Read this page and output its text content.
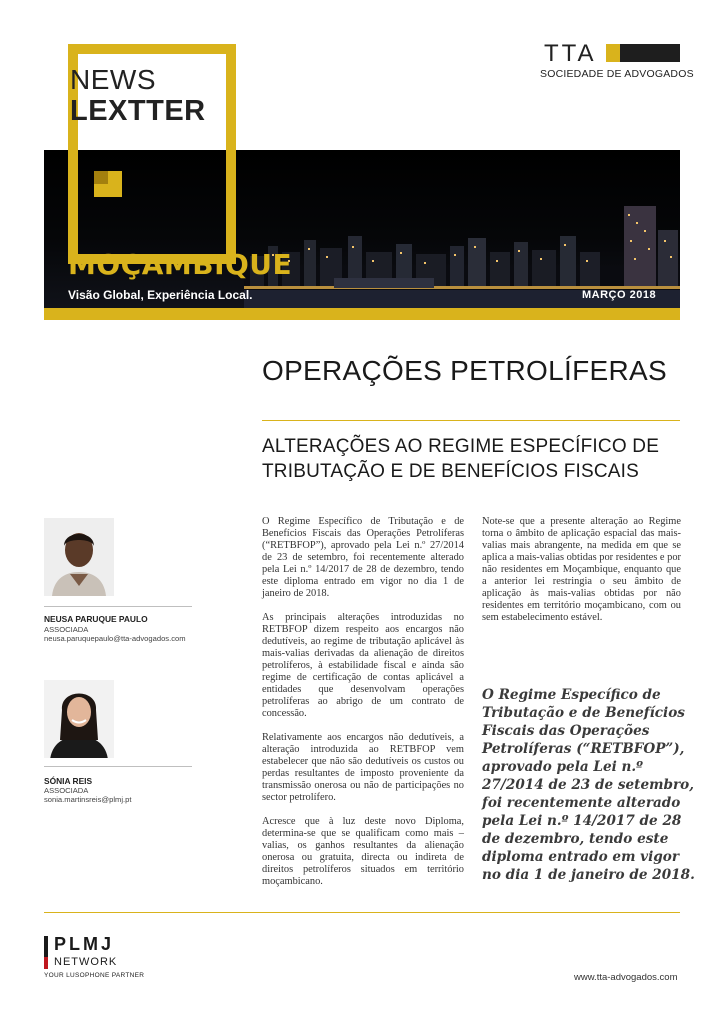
NEWS
LEXTTER
TTA
SOCIEDADE DE ADVOGADOS
MOÇAMBIQUE
Visão Global, Experiência Local.	MARÇO 2018
OPERAÇÕES PETROLÍFERAS
ALTERAÇÕES AO REGIME ESPECÍFICO DE
TRIBUTAÇÃO E DE BENEFÍCIOS FISCAIS

O Regime Específico de Tributação e de Benefícios Fiscais das Operações Petrolíferas (“RETBFOP”), aprovado pela Lei n.º 27/2014 de 23 de setembro, foi recentemente alterado pela Lei n.º 14/2017 de 28 de dezembro, tendo este diploma entrado em vigor no dia 1 de janeiro de 2018.

As principais alterações introduzidas no RETBFOP dizem respeito aos encargos não dedutíveis, ao regime de tributação aplicável às mais-valias derivadas da alienação de direitos petrolíferos, à estabilidade fiscal e ainda são regime de certificação de contas aplicável a entidades que desenvolvam operações petrolíferas ao abrigo de um contrato de concessão.

Relativamente aos encargos não dedutíveis, a alteração introduzida ao RETBFOP vem estabelecer que não são dedutíveis os custos ou perdas resultantes de imposto proveniente da transmissão onerosa ou não de participações no sector petrolífero.

Acresce que à luz deste novo Diploma, determina-se que se qualificam como mais – valias, os ganhos resultantes da alienação onerosa ou gratuita, directa ou indireta de direitos petrolíferos situados em território moçambicano.

Note-se que a presente alteração ao Regime torna o âmbito de aplicação espacial das mais-valias mais abrangente, na medida em que se aplica a mais-valias obtidas por residentes e por não residentes em Moçambique, enquanto que a anterior lei restringia o seu âmbito de aplicação às mais-valias obtidas por não residentes em território moçambicano, com ou sem estabelecimento estável.

O Regime Específico de Tributação e de Benefícios Fiscais das Operações Petrolíferas (“RETBFOP”), aprovado pela Lei n.º 27/2014 de 23 de setembro, foi recentemente alterado pela Lei n.º 14/2017 de 28 de dezembro, tendo este diploma entrado em vigor no dia 1 de janeiro de 2018.
NEUSA PARUQUE PAULO
ASSOCIADA
neusa.paruquepaulo@tta-advogados.com
SÓNIA REIS
ASSOCIADA
sonia.martinsreis@plmj.pt
PLMJ
NETWORK
YOUR LUSOPHONE PARTNER	www.tta-advogados.com
